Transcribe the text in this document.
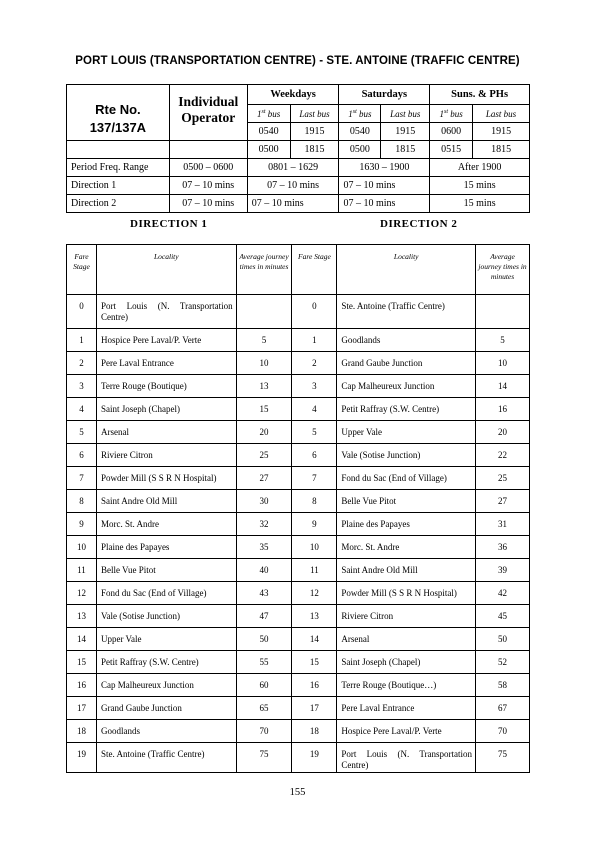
PORT LOUIS (TRANSPORTATION CENTRE) - STE. ANTOINE (TRAFFIC CENTRE)
Rte No.
137/137A	Individual Operator	Weekdays		Saturdays		Suns. & PHs	
		1st bus	Last bus	1st bus	Last bus	1st bus	Last bus
		0540	1915	0540	1915	0600	1915
		0500	1815	0500	1815	0515	1815
Period Freq. Range	0500 – 0600	0801 – 1629		1630 – 1900		After 1900	
Direction 1	07 – 10 mins	07 – 10 mins		07 – 10 mins		15 mins	
Direction 2	07 – 10 mins	07 – 10 mins		07 – 10 mins		15 mins	
DIRECTION 1	DIRECTION 2
Fare Stage	Locality	Average journey times in minutes	Fare Stage	Locality	Average journey times in minutes
0	Port Louis (N. Transportation Centre)		0	Ste. Antoine (Traffic Centre)	
1	Hospice Pere Laval/P. Verte	5	1	Goodlands	5
2	Pere Laval Entrance	10	2	Grand Gaube Junction	10
3	Terre Rouge (Boutique)	13	3	Cap Malheureux Junction	14
4	Saint Joseph (Chapel)	15	4	Petit Raffray (S.W. Centre)	16
5	Arsenal	20	5	Upper Vale	20
6	Riviere Citron	25	6	Vale (Sotise Junction)	22
7	Powder Mill (S S R N Hospital)	27	7	Fond du Sac (End of Village)	25
8	Saint Andre Old Mill	30	8	Belle Vue Pitot	27
9	Morc. St. Andre	32	9	Plaine des Papayes	31
10	Plaine des Papayes	35	10	Morc. St. Andre	36
11	Belle Vue Pitot	40	11	Saint Andre Old Mill	39
12	Fond du Sac (End of Village)	43	12	Powder Mill (S S R N Hospital)	42
13	Vale (Sotise Junction)	47	13	Riviere Citron	45
14	Upper Vale	50	14	Arsenal	50
15	Petit Raffray (S.W. Centre)	55	15	Saint Joseph (Chapel)	52
16	Cap Malheureux Junction	60	16	Terre Rouge (Boutique…)	58
17	Grand Gaube Junction	65	17	Pere Laval Entrance	67
18	Goodlands	70	18	Hospice Pere Laval/P. Verte	70
19	Ste. Antoine (Traffic Centre)	75	19	Port Louis (N. Transportation Centre)	75
155
